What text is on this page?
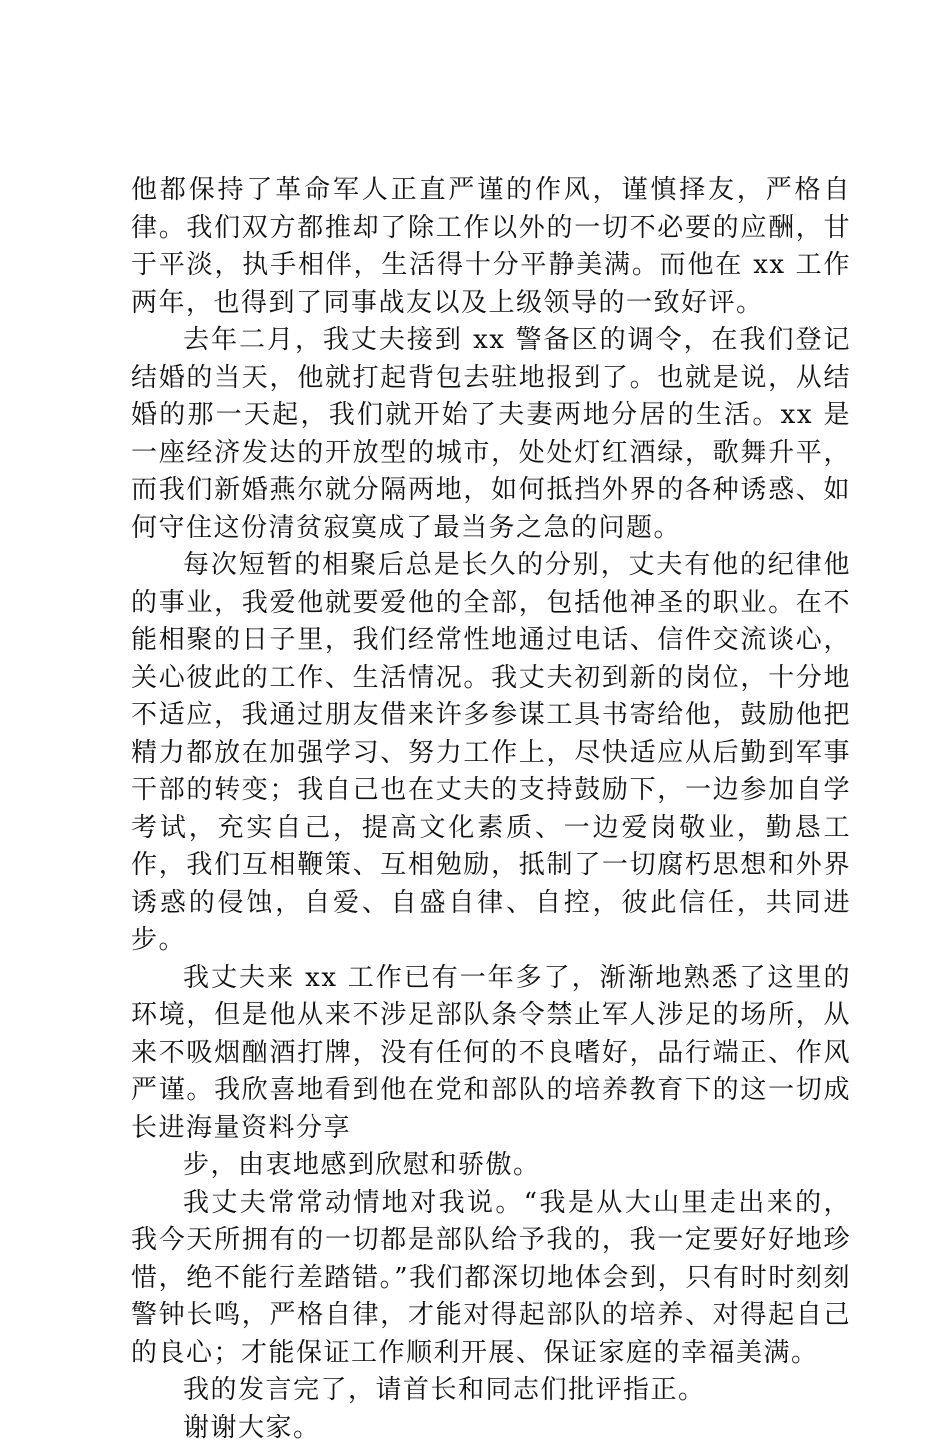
他都保持了革命军人正直严谨的作风，谨慎择友，严格自律。我们双方都推却了除工作以外的一切不必要的应酬，甘于平淡，执手相伴，生活得十分平静美满。而他在 xx 工作两年，也得到了同事战友以及上级领导的一致好评。

去年二月，我丈夫接到 xx 警备区的调令，在我们登记结婚的当天，他就打起背包去驻地报到了。也就是说，从结婚的那一天起，我们就开始了夫妻两地分居的生活。xx 是一座经济发达的开放型的城市，处处灯红酒绿，歌舞升平，而我们新婚燕尔就分隔两地，如何抵挡外界的各种诱惑、如何守住这份清贫寂寞成了最当务之急的问题。

每次短暂的相聚后总是长久的分别，丈夫有他的纪律他的事业，我爱他就要爱他的全部，包括他神圣的职业。在不能相聚的日子里，我们经常性地通过电话、信件交流谈心，关心彼此的工作、生活情况。我丈夫初到新的岗位，十分地不适应，我通过朋友借来许多参谋工具书寄给他，鼓励他把精力都放在加强学习、努力工作上，尽快适应从后勤到军事干部的转变；我自己也在丈夫的支持鼓励下，一边参加自学考试，充实自己，提高文化素质、一边爱岗敬业，勤恳工作，我们互相鞭策、互相勉励，抵制了一切腐朽思想和外界诱惑的侵蚀，自爱、自盛自律、自控，彼此信任，共同进步。

我丈夫来 xx 工作已有一年多了，渐渐地熟悉了这里的环境，但是他从来不涉足部队条令禁止军人涉足的场所，从来不吸烟酗酒打牌，没有任何的不良嗜好，品行端正、作风严谨。我欣喜地看到他在党和部队的培养教育下的这一切成长进海量资料分享

步，由衷地感到欣慰和骄傲。

我丈夫常常动情地对我说。“我是从大山里走出来的，我今天所拥有的一切都是部队给予我的，我一定要好好地珍惜，绝不能行差踏错。”我们都深切地体会到，只有时时刻刻警钟长鸣，严格自律，才能对得起部队的培养、对得起自己的良心；才能保证工作顺利开展、保证家庭的幸福美满。

我的发言完了，请首长和同志们批评指正。

谢谢大家。
